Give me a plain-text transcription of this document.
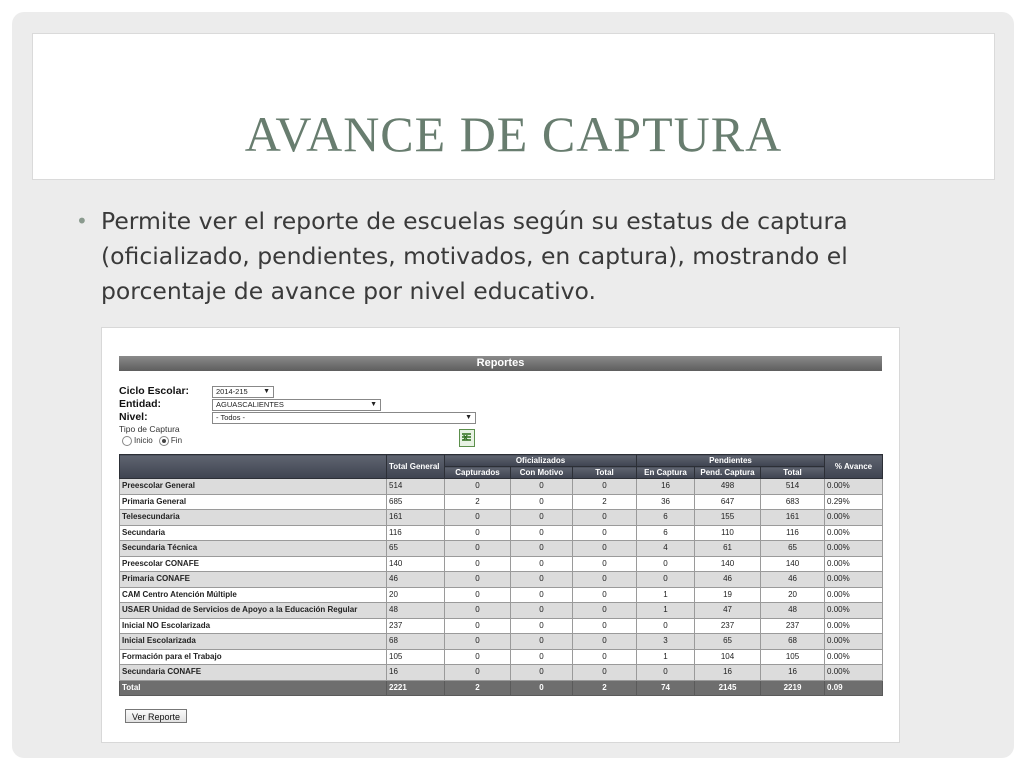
AVANCE DE CAPTURA
• Permite ver el reporte de escuelas según su estatus de captura (oficializado, pendientes, motivados, en captura), mostrando el porcentaje de avance por nivel educativo.
Reportes
Ciclo Escolar:	2014-215 ▼
Entidad:	AGUASCALIENTES	▼
Nivel:	- Todos -	▼
Tipo de Captura
Inicio Fin
x
	Total General	Oficializados			Pendientes			% Avance
		Capturados	Con Motivo	Total	En Captura	Pend. Captura	Total	
Preescolar General	514	0	0	0	16	498	514	0.00%
Primaria General	685	2	0	2	36	647	683	0.29%
Telesecundaria	161	0	0	0	6	155	161	0.00%
Secundaria	116	0	0	0	6	110	116	0.00%
Secundaria Técnica	65	0	0	0	4	61	65	0.00%
Preescolar CONAFE	140	0	0	0	0	140	140	0.00%
Primaria CONAFE	46	0	0	0	0	46	46	0.00%
CAM Centro Atención Múltiple	20	0	0	0	1	19	20	0.00%
USAER Unidad de Servicios de Apoyo a la Educación Regular	48	0	0	0	1	47	48	0.00%
Inicial NO Escolarizada	237	0	0	0	0	237	237	0.00%
Inicial Escolarizada	68	0	0	0	3	65	68	0.00%
Formación para el Trabajo	105	0	0	0	1	104	105	0.00%
Secundaria CONAFE	16	0	0	0	0	16	16	0.00%
Total	2221	2	0	2	74	2145	2219	0.09
Ver Reporte
